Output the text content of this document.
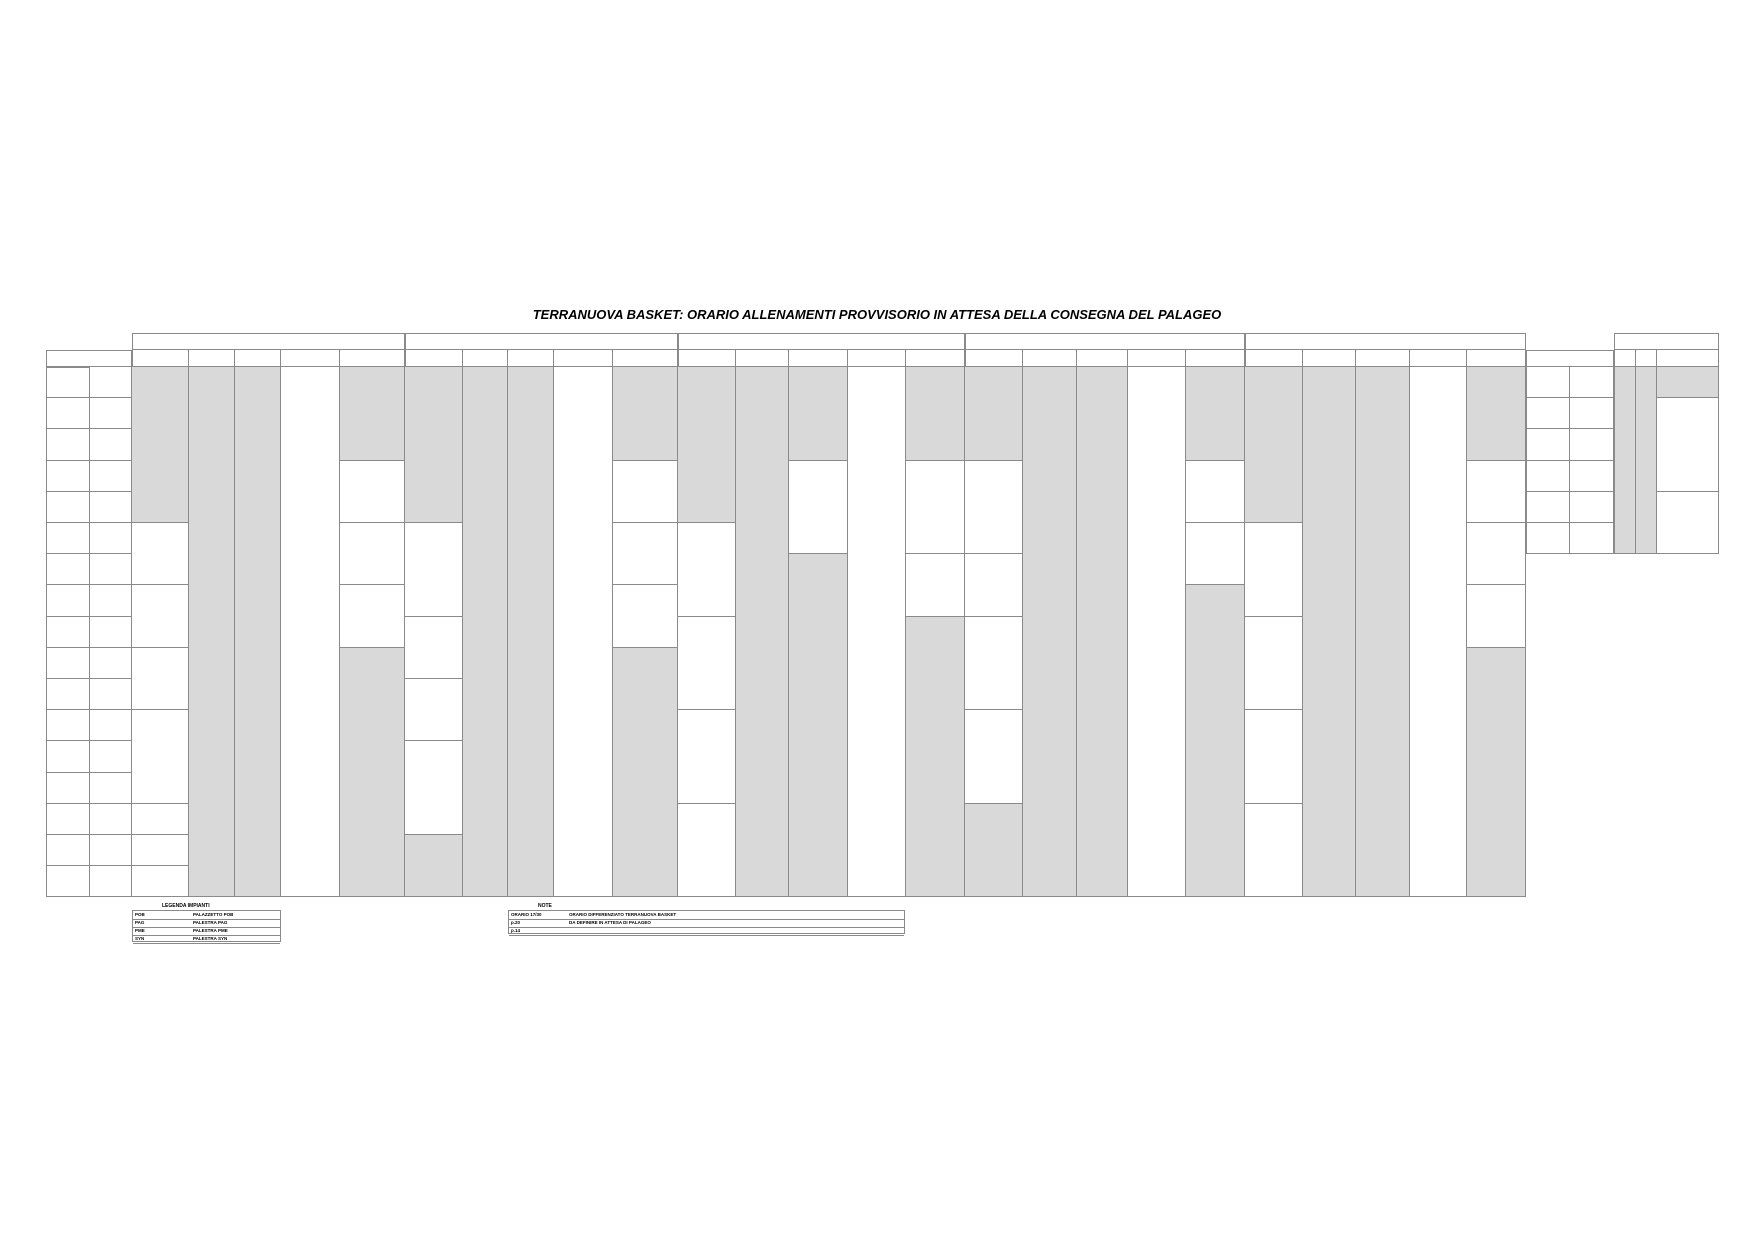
TERRANUOVA BASKET: ORARIO ALLENAMENTI PROVVISORIO IN ATTESA DELLA CONSEGNA DEL PALAGEO
LEGENDA IMPIANTI
POB	PALAZZETTO POB
PAG	PALESTRA PAG
PME	PALESTRA PME
SYN	PALESTRA SYN
NOTE
ORARIO 17/30	ORARIO DIFFERENZIATO TERRANUOVA BASKET
p.20	DA DEFINIRE IN ATTESA DI PALAGEO
p.14
